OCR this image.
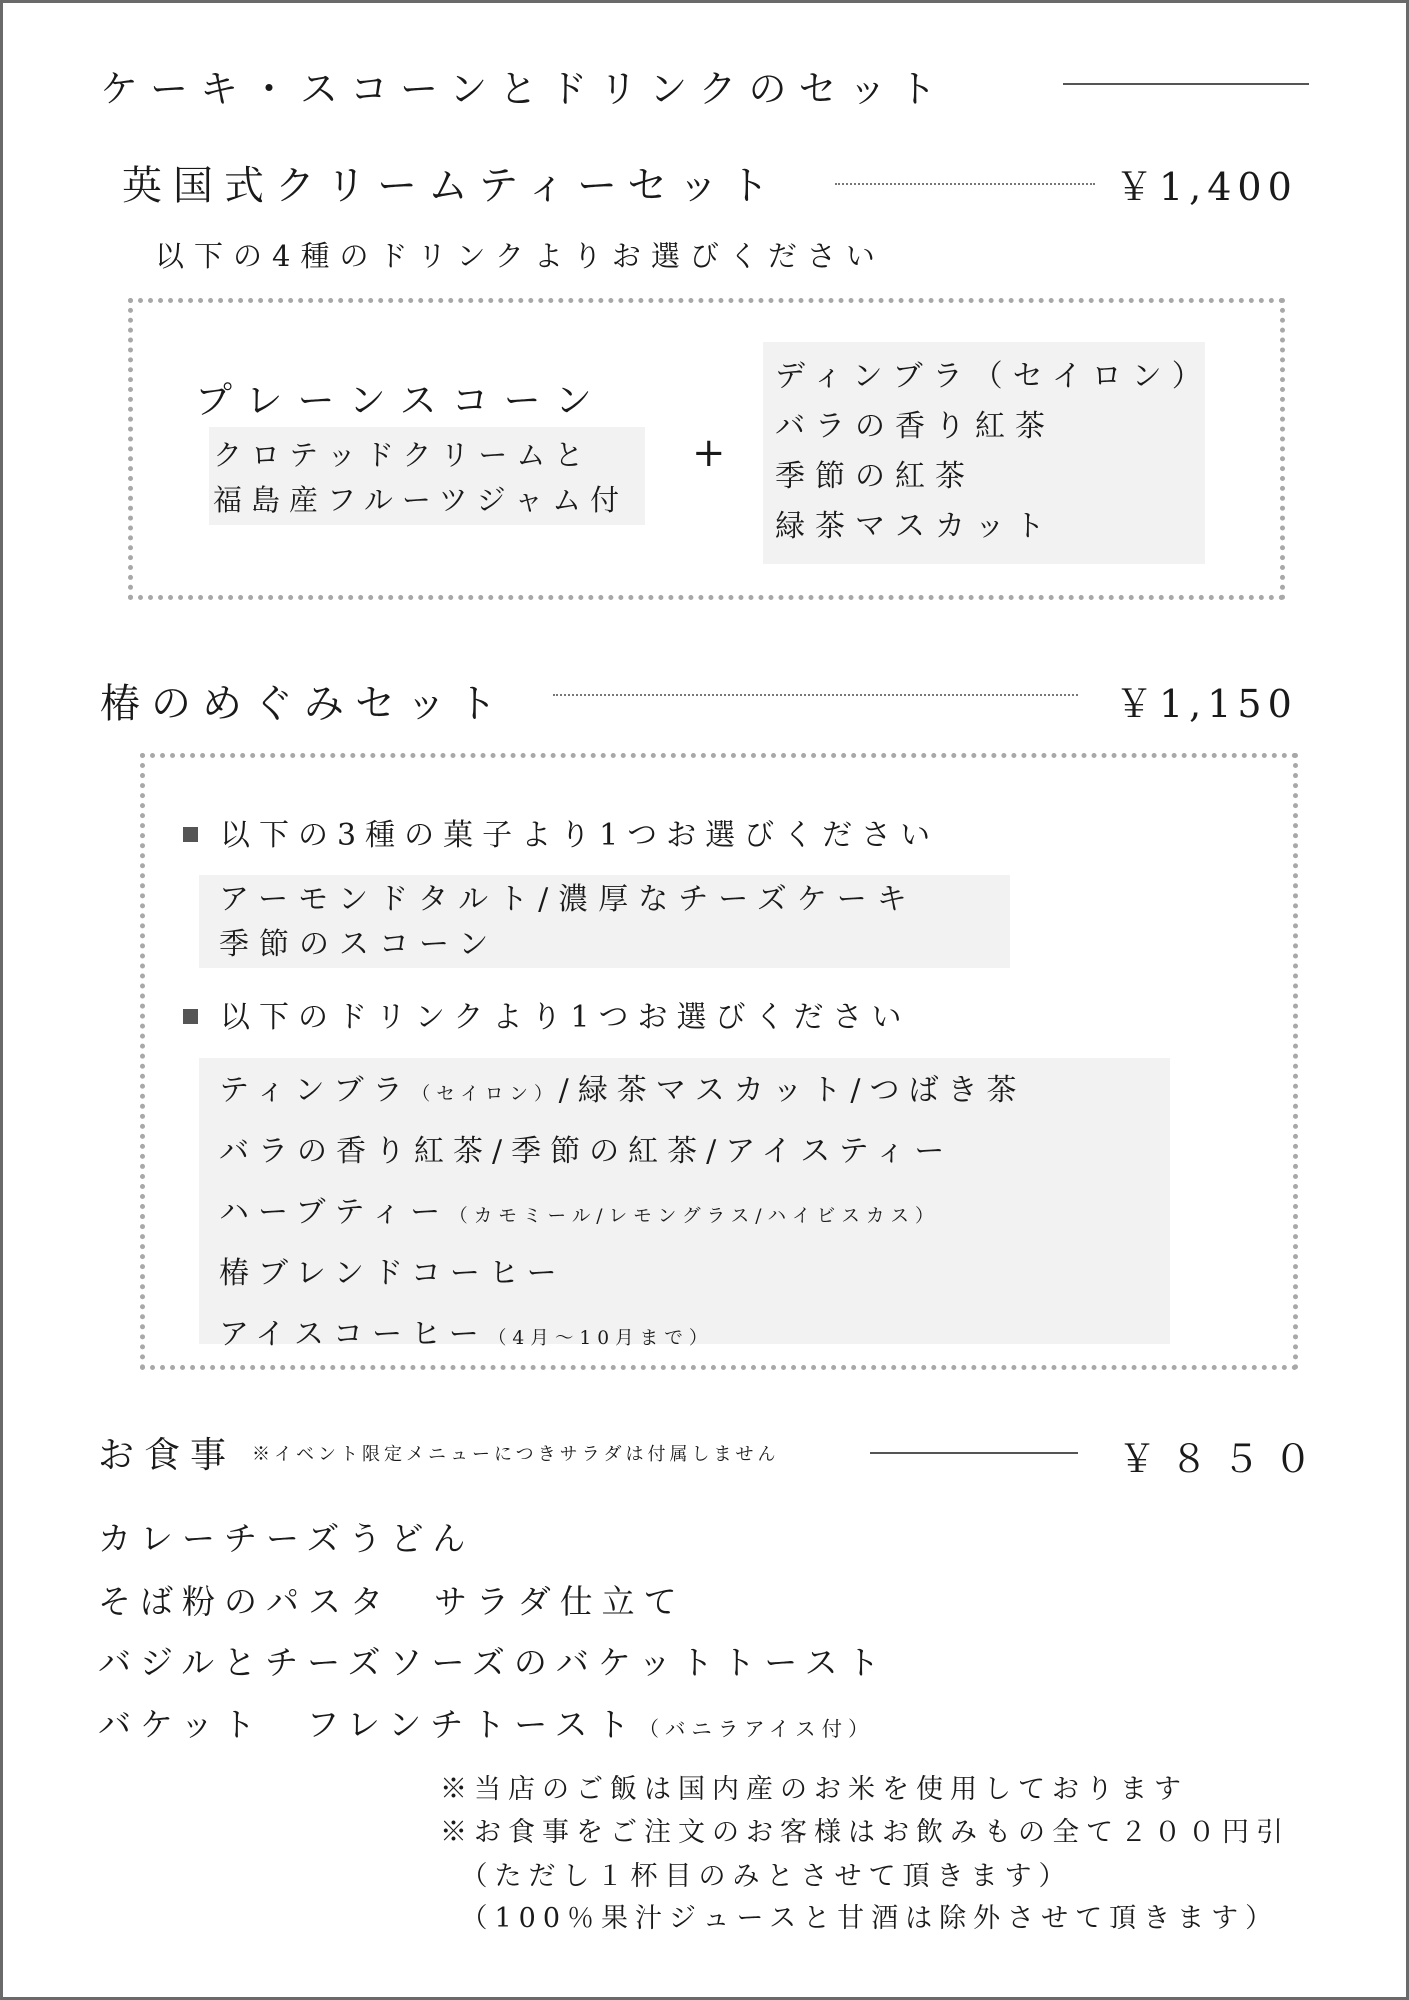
ケーキ・スコーンとドリンクのセット
英国式クリームティーセット	￥1,400
以下の4種のドリンクよりお選びください
プレーンスコーン
クロテッドクリームと
福島産フルーツジャム付
+
ディンブラ（セイロン）
バラの香り紅茶
季節の紅茶
緑茶マスカット
椿のめぐみセット	￥1,150
以下の3種の菓子より1つお選びください
アーモンドタルト/濃厚なチーズケーキ
季節のスコーン
以下のドリンクより1つお選びください
ティンブラ（セイロン）/緑茶マスカット/つばき茶
バラの香り紅茶/季節の紅茶/アイスティー
ハーブティー（カモミール/レモングラス/ハイビスカス）
椿ブレンドコーヒー
アイスコーヒー（4月～10月まで）
お食事 ※イベント限定メニューにつきサラダは付属しません	￥８５０
カレーチーズうどん
そば粉のパスタ　サラダ仕立て
バジルとチーズソーズのバケットトースト
バケット　フレンチトースト（バニラアイス付）
※当店のご飯は国内産のお米を使用しております
※お食事をご注文のお客様はお飲みもの全て２００円引
　（ただし１杯目のみとさせて頂きます）
　（100％果汁ジュースと甘酒は除外させて頂きます）
